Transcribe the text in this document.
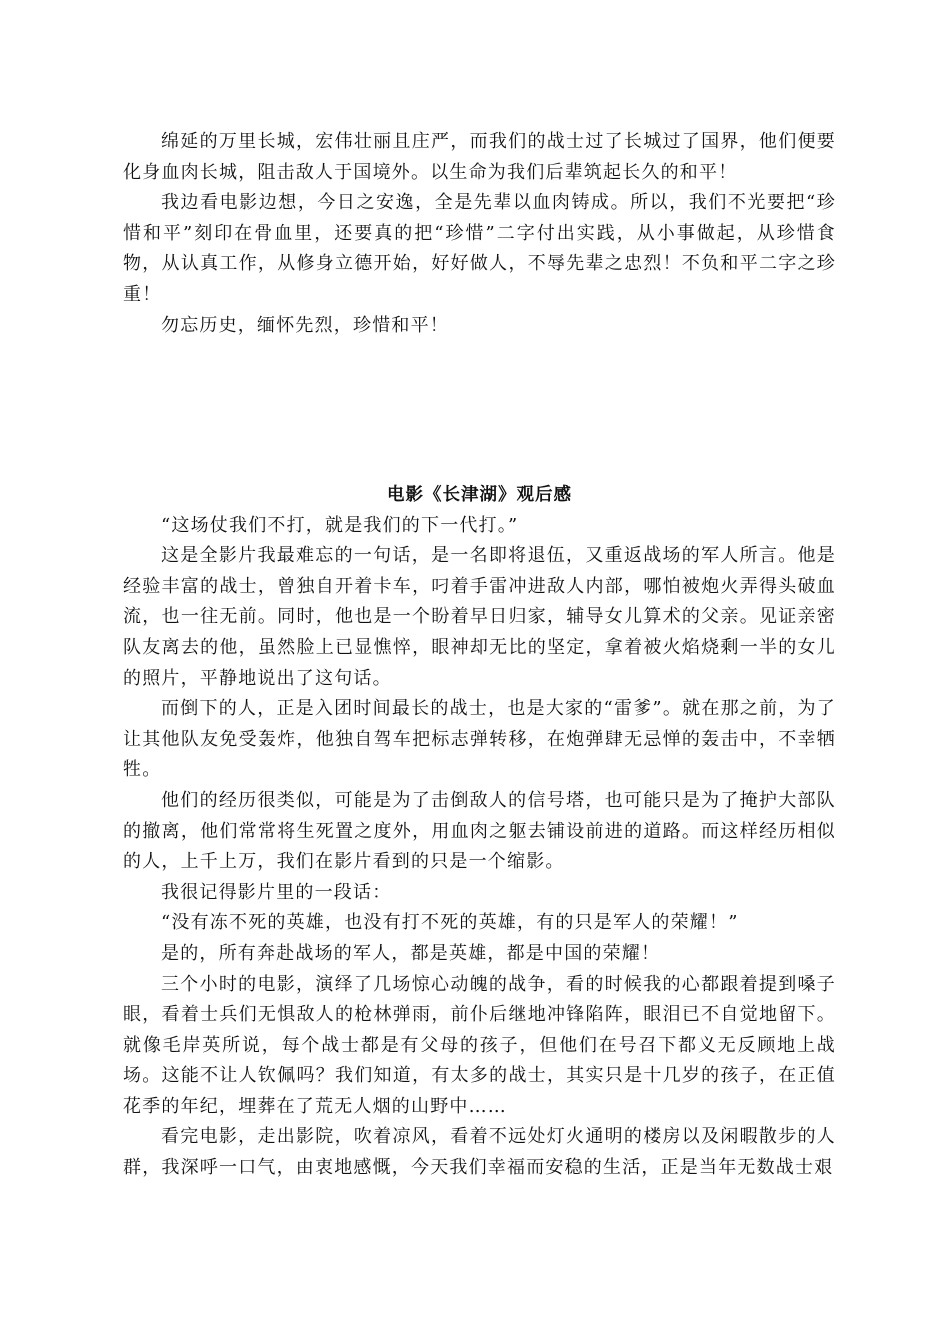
绵延的万里长城，宏伟壮丽且庄严，而我们的战士过了长城过了国界，他们便要化身血肉长城，阻击敌人于国境外。以生命为我们后辈筑起长久的和平！

我边看电影边想，今日之安逸，全是先辈以血肉铸成。所以，我们不光要把“珍惜和平”刻印在骨血里，还要真的把“珍惜”二字付出实践，从小事做起，从珍惜食物，从认真工作，从修身立德开始，好好做人，不辱先辈之忠烈！不负和平二字之珍重！

勿忘历史，缅怀先烈，珍惜和平！

电影《长津湖》观后感

“这场仗我们不打，就是我们的下一代打。”

这是全影片我最难忘的一句话，是一名即将退伍，又重返战场的军人所言。他是经验丰富的战士，曾独自开着卡车，叼着手雷冲进敌人内部，哪怕被炮火弄得头破血流，也一往无前。同时，他也是一个盼着早日归家，辅导女儿算术的父亲。见证亲密队友离去的他，虽然脸上已显憔悴，眼神却无比的坚定，拿着被火焰烧剩一半的女儿的照片，平静地说出了这句话。

而倒下的人，正是入团时间最长的战士，也是大家的“雷爹”。就在那之前，为了让其他队友免受轰炸，他独自驾车把标志弹转移，在炮弹肆无忌惮的轰击中，不幸牺牲。

他们的经历很类似，可能是为了击倒敌人的信号塔，也可能只是为了掩护大部队的撤离，他们常常将生死置之度外，用血肉之躯去铺设前进的道路。而这样经历相似的人，上千上万，我们在影片看到的只是一个缩影。

我很记得影片里的一段话：

“没有冻不死的英雄，也没有打不死的英雄，有的只是军人的荣耀！”

是的，所有奔赴战场的军人，都是英雄，都是中国的荣耀！

三个小时的电影，演绎了几场惊心动魄的战争，看的时候我的心都跟着提到嗓子眼，看着士兵们无惧敌人的枪林弹雨，前仆后继地冲锋陷阵，眼泪已不自觉地留下。就像毛岸英所说，每个战士都是有父母的孩子，但他们在号召下都义无反顾地上战场。这能不让人钦佩吗？我们知道，有太多的战士，其实只是十几岁的孩子，在正值花季的年纪，埋葬在了荒无人烟的山野中……

看完电影，走出影院，吹着凉风，看着不远处灯火通明的楼房以及闲暇散步的人群，我深呼一口气，由衷地感慨，今天我们幸福而安稳的生活，正是当年无数战士艰
